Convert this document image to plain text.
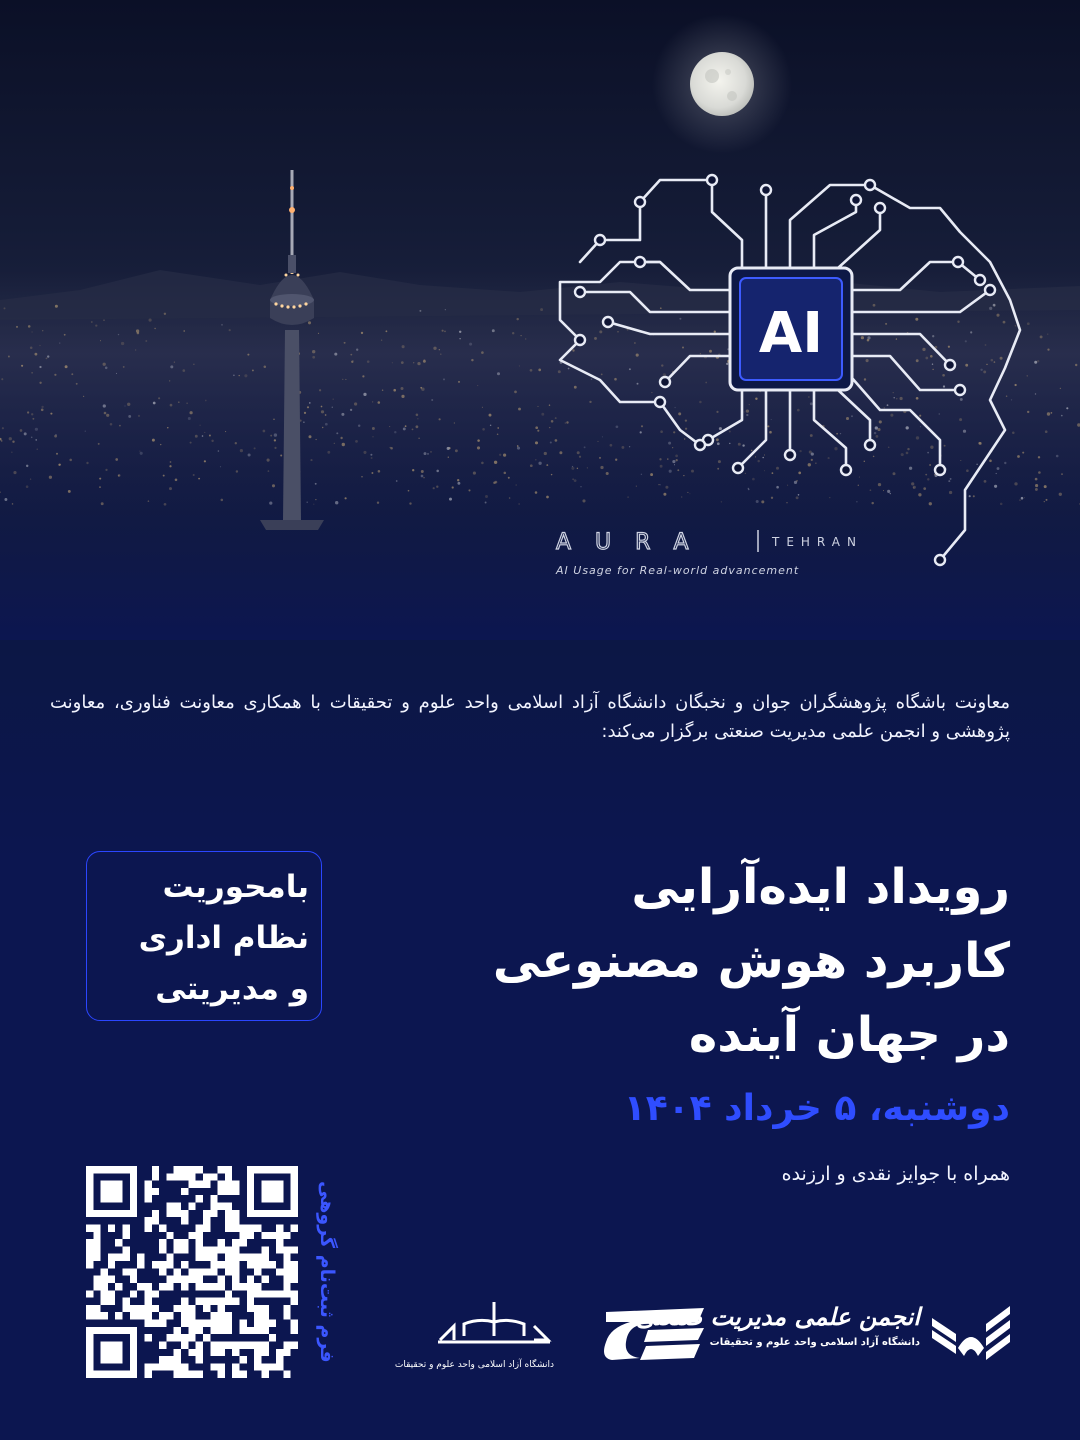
AI
AURA	TEHRAN
AI Usage for Real-world advancement
معاونت باشگاه پژوهشگران جوان و نخبگان دانشگاه آزاد اسلامی واحد علوم و تحقیقات با همکاری معاونت فناوری، معاونت پژوهشی و انجمن علمی مدیریت صنعتی برگزار می‌کند:
رویداد ایده‌آرایی
کاربرد هوش مصنوعی
در جهان آینده
دوشنبه، ۵ خرداد ۱۴۰۴
همراه با جوایز نقدی و ارزنده
بامحوریت
نظام اداری
و مدیریتی
فرم ثبت‌نام گروهی
دانشگاه آزاد اسلامی واحد علوم و تحقیقات
انجمن علمی مدیریت صنعتی
دانشگاه آزاد اسلامی واحد علوم و تحقیقات
